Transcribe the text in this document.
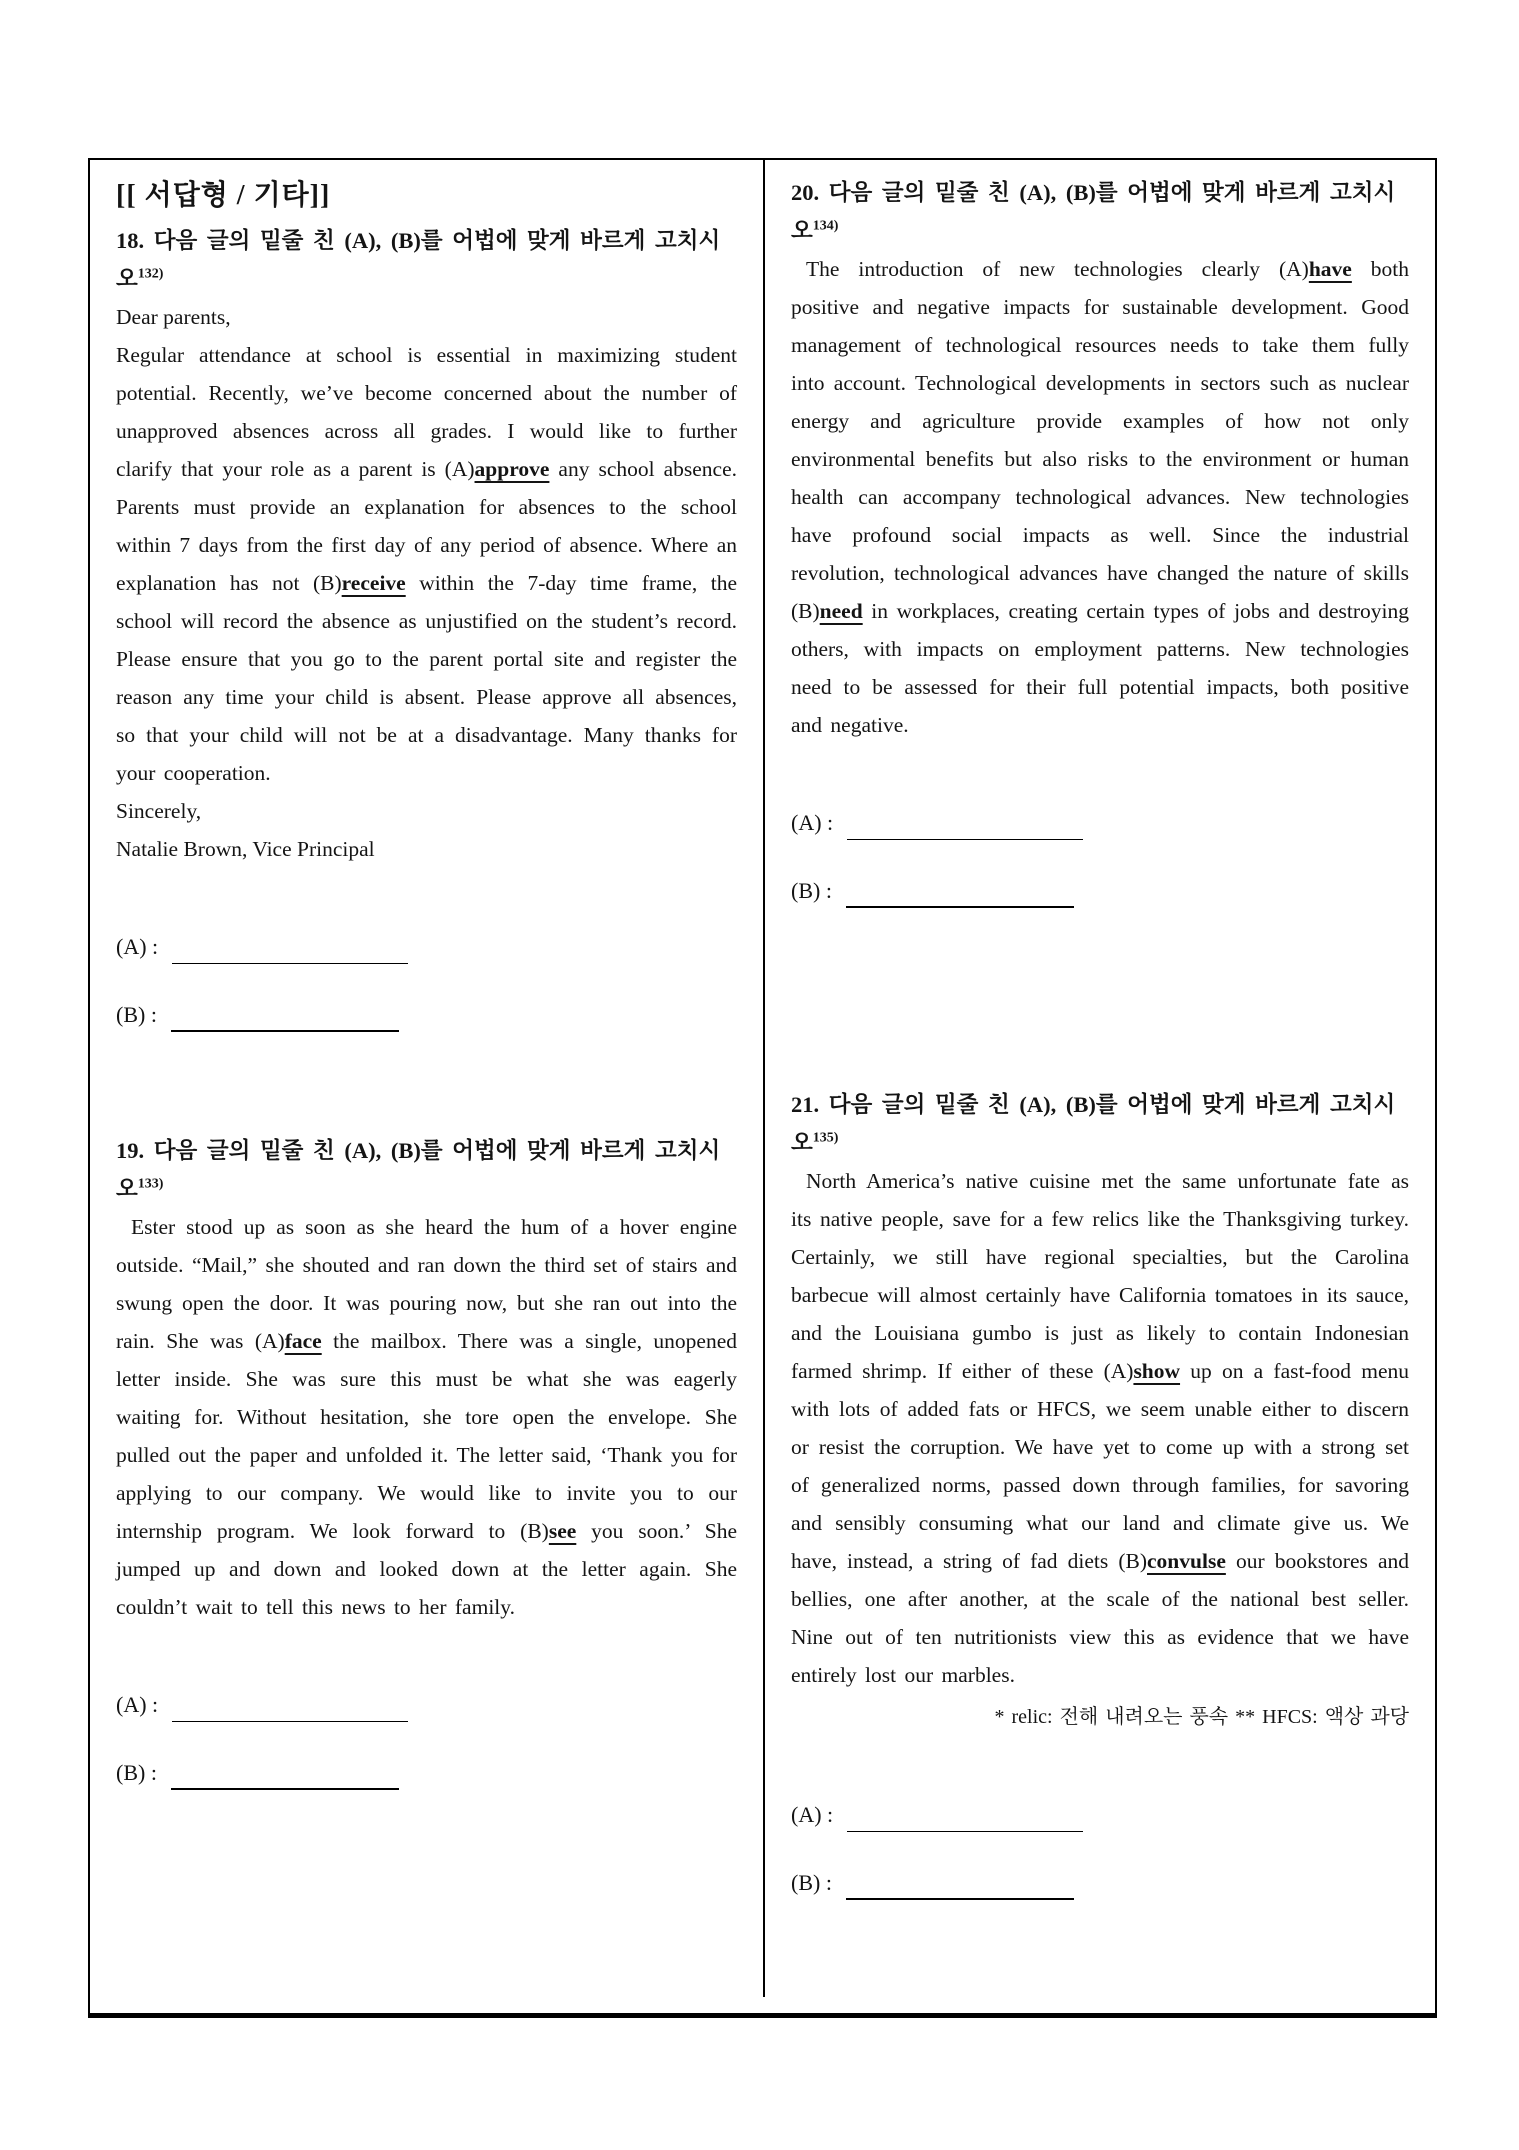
[[ 서답형 / 기타]]
18. 다음 글의 밑줄 친 (A), (B)를 어법에 맞게 바르게 고치시오$^{132)}$
Dear parents,
Regular attendance at school is essential in maximizing student potential. Recently, we’ve become concerned about the number of unapproved absences across all grades. I would like to further clarify that your role as a parent is (A)approve any school absence. Parents must provide an explanation for absences to the school within 7 days from the first day of any period of absence. Where an explanation has not (B)receive within the 7-day time frame, the school will record the absence as unjustified on the student’s record. Please ensure that you go to the parent portal site and register the reason any time your child is absent. Please approve all absences, so that your child will not be at a disadvantage. Many thanks for your cooperation.
Sincerely,
Natalie Brown, Vice Principal
(A) :
(B) :
19. 다음 글의 밑줄 친 (A), (B)를 어법에 맞게 바르게 고치시오$^{133)}$
Ester stood up as soon as she heard the hum of a hover engine outside. “Mail,” she shouted and ran down the third set of stairs and swung open the door. It was pouring now, but she ran out into the rain. She was (A)face the mailbox. There was a single, unopened letter inside. She was sure this must be what she was eagerly waiting for. Without hesitation, she tore open the envelope. She pulled out the paper and unfolded it. The letter said, ‘Thank you for applying to our company. We would like to invite you to our internship program. We look forward to (B)see you soon.’ She jumped up and down and looked down at the letter again. She couldn’t wait to tell this news to her family.
(A) :
(B) :
20. 다음 글의 밑줄 친 (A), (B)를 어법에 맞게 바르게 고치시오$^{134)}$
The introduction of new technologies clearly (A)have both positive and negative impacts for sustainable development. Good management of technological resources needs to take them fully into account. Technological developments in sectors such as nuclear energy and agriculture provide examples of how not only environmental benefits but also risks to the environment or human health can accompany technological advances. New technologies have profound social impacts as well. Since the industrial revolution, technological advances have changed the nature of skills (B)need in workplaces, creating certain types of jobs and destroying others, with impacts on employment patterns. New technologies need to be assessed for their full potential impacts, both positive and negative.
(A) :
(B) :
21. 다음 글의 밑줄 친 (A), (B)를 어법에 맞게 바르게 고치시오$^{135)}$
North America’s native cuisine met the same unfortunate fate as its native people, save for a few relics like the Thanksgiving turkey. Certainly, we still have regional specialties, but the Carolina barbecue will almost certainly have California tomatoes in its sauce, and the Louisiana gumbo is just as likely to contain Indonesian farmed shrimp. If either of these (A)show up on a fast-food menu with lots of added fats or HFCS, we seem unable either to discern or resist the corruption. We have yet to come up with a strong set of generalized norms, passed down through families, for savoring and sensibly consuming what our land and climate give us. We have, instead, a string of fad diets (B)convulse our bookstores and bellies, one after another, at the scale of the national best seller. Nine out of ten nutritionists view this as evidence that we have entirely lost our marbles.
* relic: 전해 내려오는 풍속 ** HFCS: 액상 과당
(A) :
(B) :
